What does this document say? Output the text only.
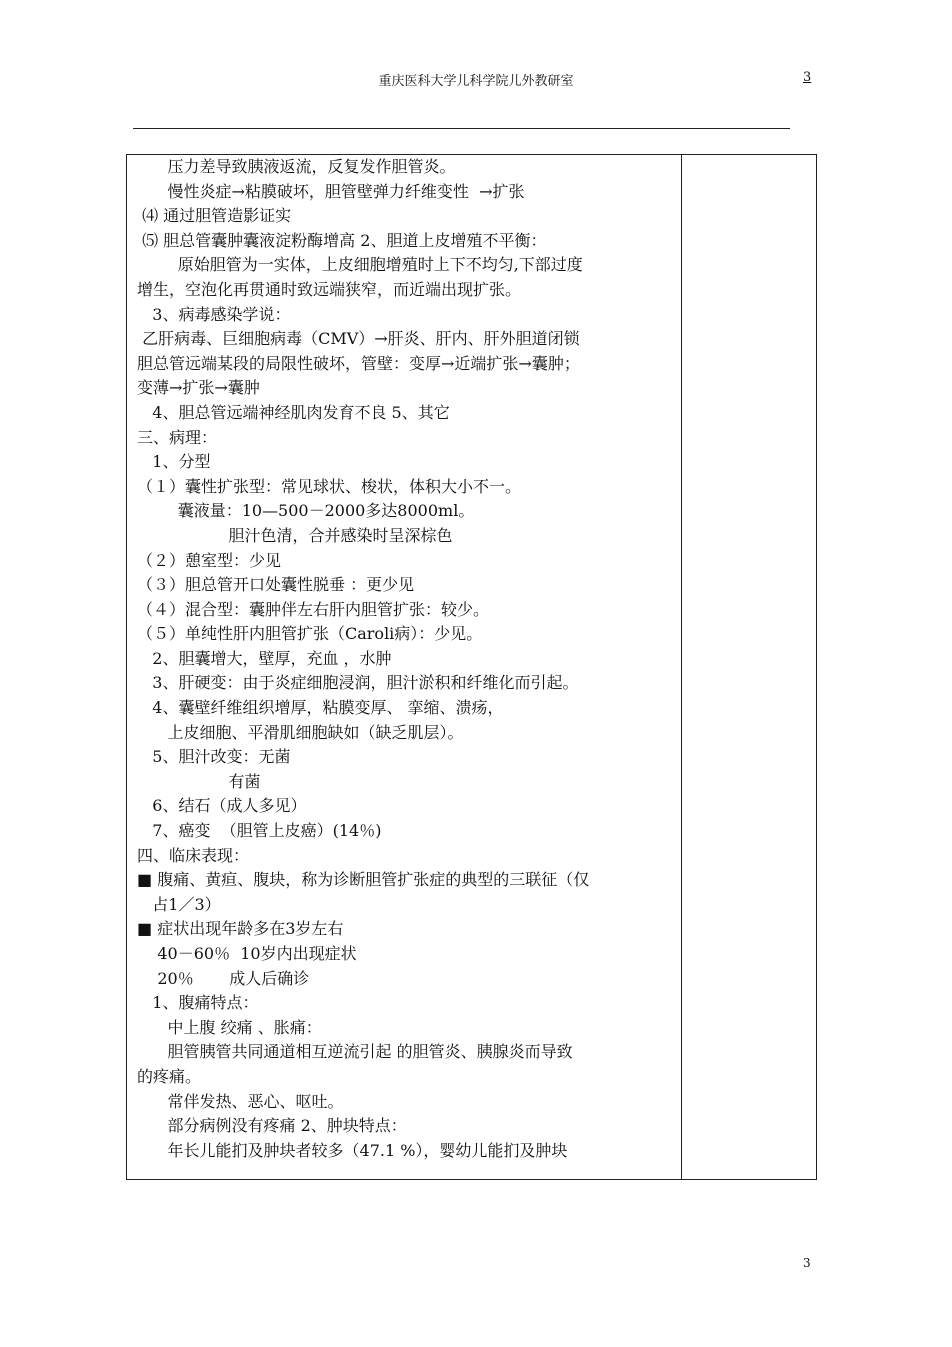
重庆医科大学儿科学院儿外教研室	3
压力差导致胰液返流，反复发作胆管炎。
慢性炎症→粘膜破坏，胆管壁弹力纤维变性  →扩张
⑷ 通过胆管造影证实
⑸ 胆总管囊肿囊液淀粉酶增高 2、胆道上皮增殖不平衡：
原始胆管为一实体，上皮细胞增殖时上下不均匀,下部过度
增生，空泡化再贯通时致远端狭窄，而近端出现扩张。
3、病毒感染学说：
乙肝病毒、巨细胞病毒（CMV）→肝炎、肝内、肝外胆道闭锁
胆总管远端某段的局限性破坏，管壁：变厚→近端扩张→囊肿；
变薄→扩张→囊肿
4、胆总管远端神经肌肉发育不良 5、其它
三、病理：
1、分型
（１）囊性扩张型：常见球状、梭状，体积大小不一。
囊液量：10—500－2000多达8000ml。
胆汁色清，合并感染时呈深棕色
（２）憩室型：少见
（３）胆总管开口处囊性脱垂 ：更少见
（４）混合型：囊肿伴左右肝内胆管扩张：较少。
（５）单纯性肝内胆管扩张（Caroli病）：少见。
2、胆囊增大，壁厚，充血 ，水肿
3、肝硬变：由于炎症细胞浸润，胆汁淤积和纤维化而引起。
4、囊壁纤维组织增厚，粘膜变厚、 挛缩、溃疡，
上皮细胞、平滑肌细胞缺如（缺乏肌层）。
5、胆汁改变：无菌
有菌
6、结石（成人多见）
7、癌变  （胆管上皮癌）(14％)
四、临床表现：
■ 腹痛、黄疸、腹块，称为诊断胆管扩张症的典型的三联征（仅
占1／3）
■ 症状出现年龄多在3岁左右
40－60％  10岁内出现症状
20％       成人后确诊
1、腹痛特点：
中上腹 绞痛 、胀痛：
胆管胰管共同通道相互逆流引起 的胆管炎、胰腺炎而导致
的疼痛。
常伴发热、恶心、呕吐。
部分病例没有疼痛 2、肿块特点：
年长儿能扪及肿块者较多（47.1 %），婴幼儿能扪及肿块
3
